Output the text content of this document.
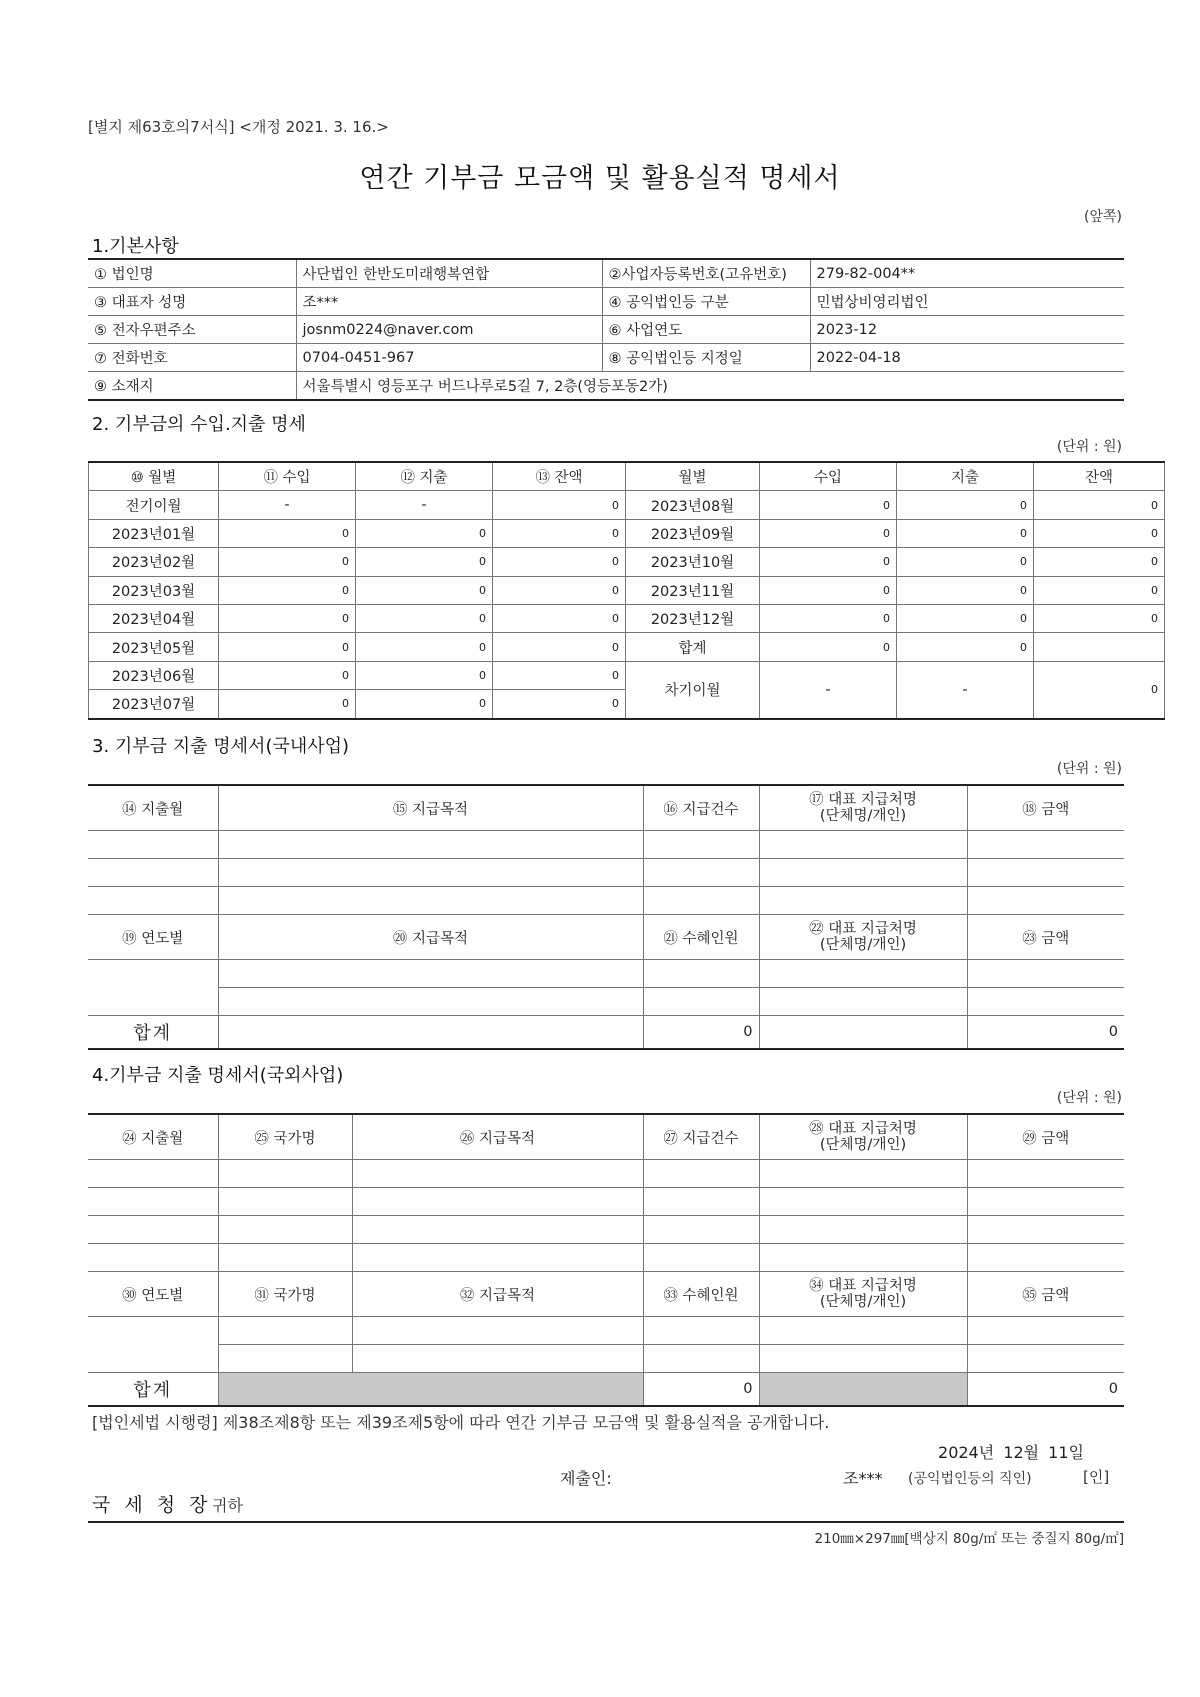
[별지 제63호의7서식] <개정 2021. 3. 16.>
연간 기부금 모금액 및 활용실적 명세서
(앞쪽)
1.기본사항
① 법인명	사단법인 한반도미래행복연합	②사업자등록번호(고유번호)	279-82-004**
③ 대표자 성명	조***	④ 공익법인등 구분	민법상비영리법인
⑤ 전자우편주소	josnm0224@naver.com	⑥ 사업연도	2023-12
⑦ 전화번호	0704-0451-967	⑧ 공익법인등 지정일	2022-04-18
⑨ 소재지	서울특별시 영등포구 버드나루로5길 7, 2층(영등포동2가)		
2. 기부금의 수입.지출 명세
(단위 : 원)
⑩ 월별	⑪ 수입	⑫ 지출	⑬ 잔액	월별	수입	지출	잔액
전기이월	-	-	0	2023년08월	0	0	0
2023년01월	0	0	0	2023년09월	0	0	0
2023년02월	0	0	0	2023년10월	0	0	0
2023년03월	0	0	0	2023년11월	0	0	0
2023년04월	0	0	0	2023년12월	0	0	0
2023년05월	0	0	0	합계	0	0	
2023년06월	0	0	0	차기이월	-	-	0
2023년07월	0	0	0				
3. 기부금 지출 명세서(국내사업)
(단위 : 원)
⑭ 지출월	⑮ 지급목적	⑯ 지급건수	⑰ 대표 지급처명
(단체명/개인)	⑱ 금액

⑲ 연도별	⑳ 지급목적	㉑ 수혜인원	㉒ 대표 지급처명
(단체명/개인)	㉓ 금액

합계		0		0
4.기부금 지출 명세서(국외사업)
(단위 : 원)
㉔ 지출월	㉕ 국가명	㉖ 지급목적	㉗ 지급건수	㉘ 대표 지급처명
(단체명/개인)	㉙ 금액

㉚ 연도별	㉛ 국가명	㉜ 지급목적	㉝ 수혜인원	㉞ 대표 지급처명
(단체명/개인)	㉟ 금액

합계			0		0
[법인세법 시행령] 제38조제8항 또는 제39조제5항에 따라 연간 기부금 모금액 및 활용실적을 공개합니다.
2024년 12월 11일
제출인:	조*** (공익법인등의 직인)	[인]
국 세 청 장 귀하
210㎜×297㎜[백상지 80g/㎡ 또는 중질지 80g/㎡]
